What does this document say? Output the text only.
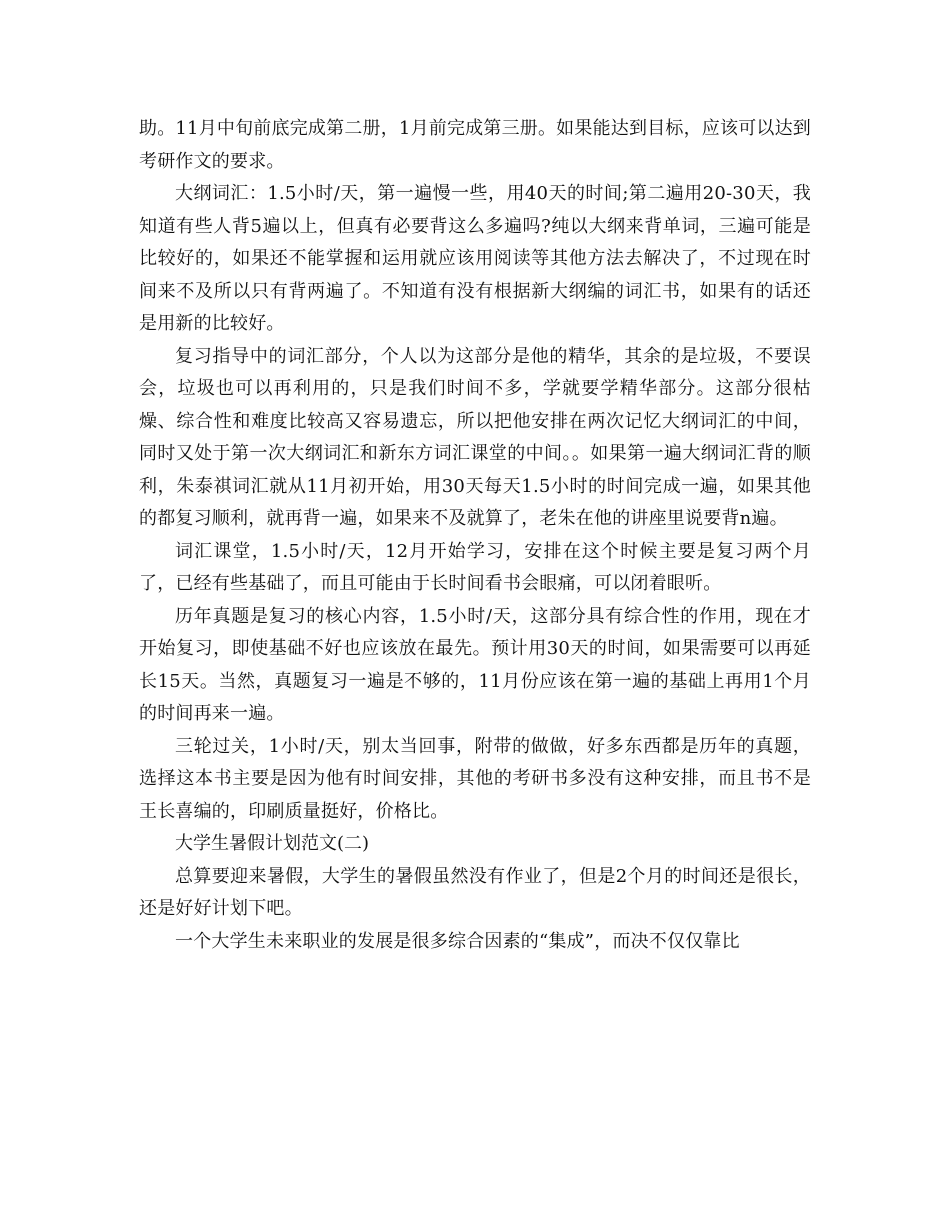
助。11月中旬前底完成第二册，1月前完成第三册。如果能达到目标，应该可以达到考研作文的要求。

大纲词汇：1.5小时/天，第一遍慢一些，用40天的时间;第二遍用20-30天，我知道有些人背5遍以上，但真有必要背这么多遍吗?纯以大纲来背单词，三遍可能是比较好的，如果还不能掌握和运用就应该用阅读等其他方法去解决了，不过现在时间来不及所以只有背两遍了。不知道有没有根据新大纲编的词汇书，如果有的话还是用新的比较好。

复习指导中的词汇部分，个人以为这部分是他的精华，其余的是垃圾，不要误会，垃圾也可以再利用的，只是我们时间不多，学就要学精华部分。这部分很枯燥、综合性和难度比较高又容易遗忘，所以把他安排在两次记忆大纲词汇的中间，同时又处于第一次大纲词汇和新东方词汇课堂的中间。。如果第一遍大纲词汇背的顺利，朱泰祺词汇就从11月初开始，用30天每天1.5小时的时间完成一遍，如果其他的都复习顺利，就再背一遍，如果来不及就算了，老朱在他的讲座里说要背n遍。

词汇课堂，1.5小时/天，12月开始学习，安排在这个时候主要是复习两个月了，已经有些基础了，而且可能由于长时间看书会眼痛，可以闭着眼听。

历年真题是复习的核心内容，1.5小时/天，这部分具有综合性的作用，现在才开始复习，即使基础不好也应该放在最先。预计用30天的时间，如果需要可以再延长15天。当然，真题复习一遍是不够的，11月份应该在第一遍的基础上再用1个月的时间再来一遍。

三轮过关，1小时/天，别太当回事，附带的做做，好多东西都是历年的真题，选择这本书主要是因为他有时间安排，其他的考研书多没有这种安排，而且书不是王长喜编的，印刷质量挺好，价格比。

大学生暑假计划范文(二)

总算要迎来暑假，大学生的暑假虽然没有作业了，但是2个月的时间还是很长，还是好好计划下吧。

一个大学生未来职业的发展是很多综合因素的“集成”，而决不仅仅靠比
